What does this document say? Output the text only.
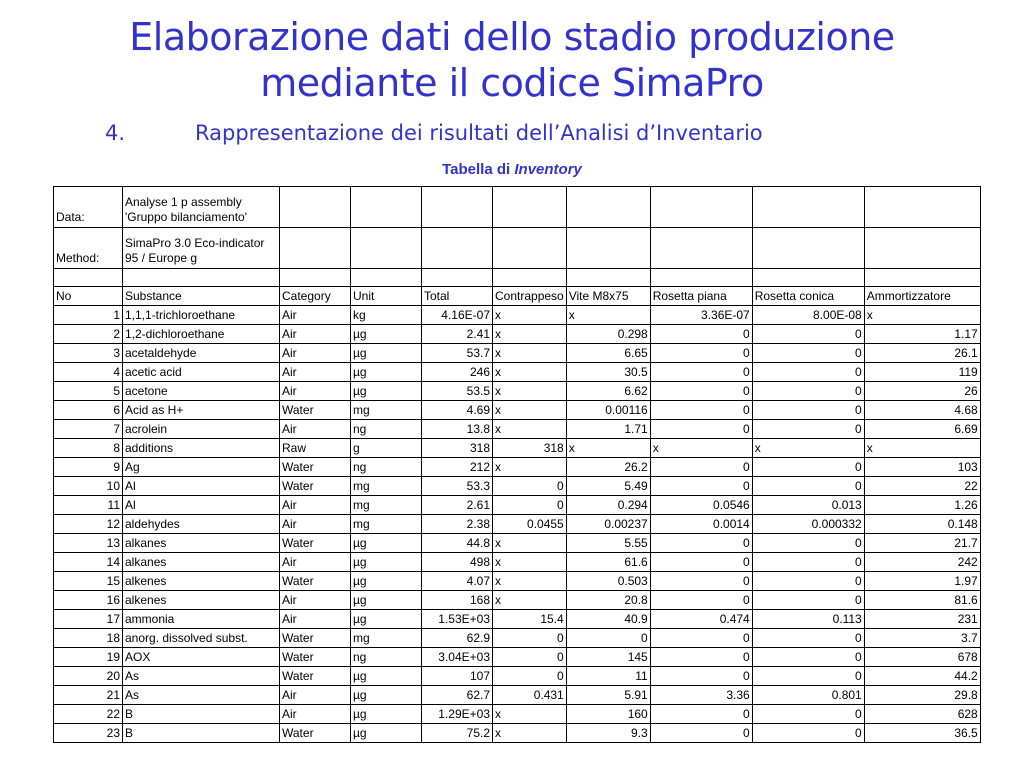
Elaborazione dati dello stadio produzione
mediante il codice SimaPro
4.	Rappresentazione dei risultati dell’Analisi d’Inventario
Tabella di Inventory
Data:	Analyse 1 p assembly 'Gruppo bilanciamento'								
Method:	SimaPro 3.0 Eco-indicator 95 / Europe g								

No	Substance	Category	Unit	Total	Contrappeso	Vite M8x75	Rosetta piana	Rosetta conica	Ammortizzatore
1	1,1,1-trichloroethane	Air	kg	4.16E-07	x	x	3.36E-07	8.00E-08	x
2	1,2-dichloroethane	Air	µg	2.41	x	0.298	0	0	1.17
3	acetaldehyde	Air	µg	53.7	x	6.65	0	0	26.1
4	acetic acid	Air	µg	246	x	30.5	0	0	119
5	acetone	Air	µg	53.5	x	6.62	0	0	26
6	Acid as H+	Water	mg	4.69	x	0.00116	0	0	4.68
7	acrolein	Air	ng	13.8	x	1.71	0	0	6.69
8	additions	Raw	g	318	318	x	x	x	x
9	Ag	Water	ng	212	x	26.2	0	0	103
10	Al	Water	mg	53.3	0	5.49	0	0	22
11	Al	Air	mg	2.61	0	0.294	0.0546	0.013	1.26
12	aldehydes	Air	mg	2.38	0.0455	0.00237	0.0014	0.000332	0.148
13	alkanes	Water	µg	44.8	x	5.55	0	0	21.7
14	alkanes	Air	µg	498	x	61.6	0	0	242
15	alkenes	Water	µg	4.07	x	0.503	0	0	1.97
16	alkenes	Air	µg	168	x	20.8	0	0	81.6
17	ammonia	Air	µg	1.53E+03	15.4	40.9	0.474	0.113	231
18	anorg. dissolved subst.	Water	mg	62.9	0	0	0	0	3.7
19	AOX	Water	ng	3.04E+03	0	145	0	0	678
20	As	Water	µg	107	0	11	0	0	44.2
21	As	Air	µg	62.7	0.431	5.91	3.36	0.801	29.8
22	B	Air	µg	1.29E+03	x	160	0	0	628
23	B	Water	µg	75.2	x	9.3	0	0	36.5
